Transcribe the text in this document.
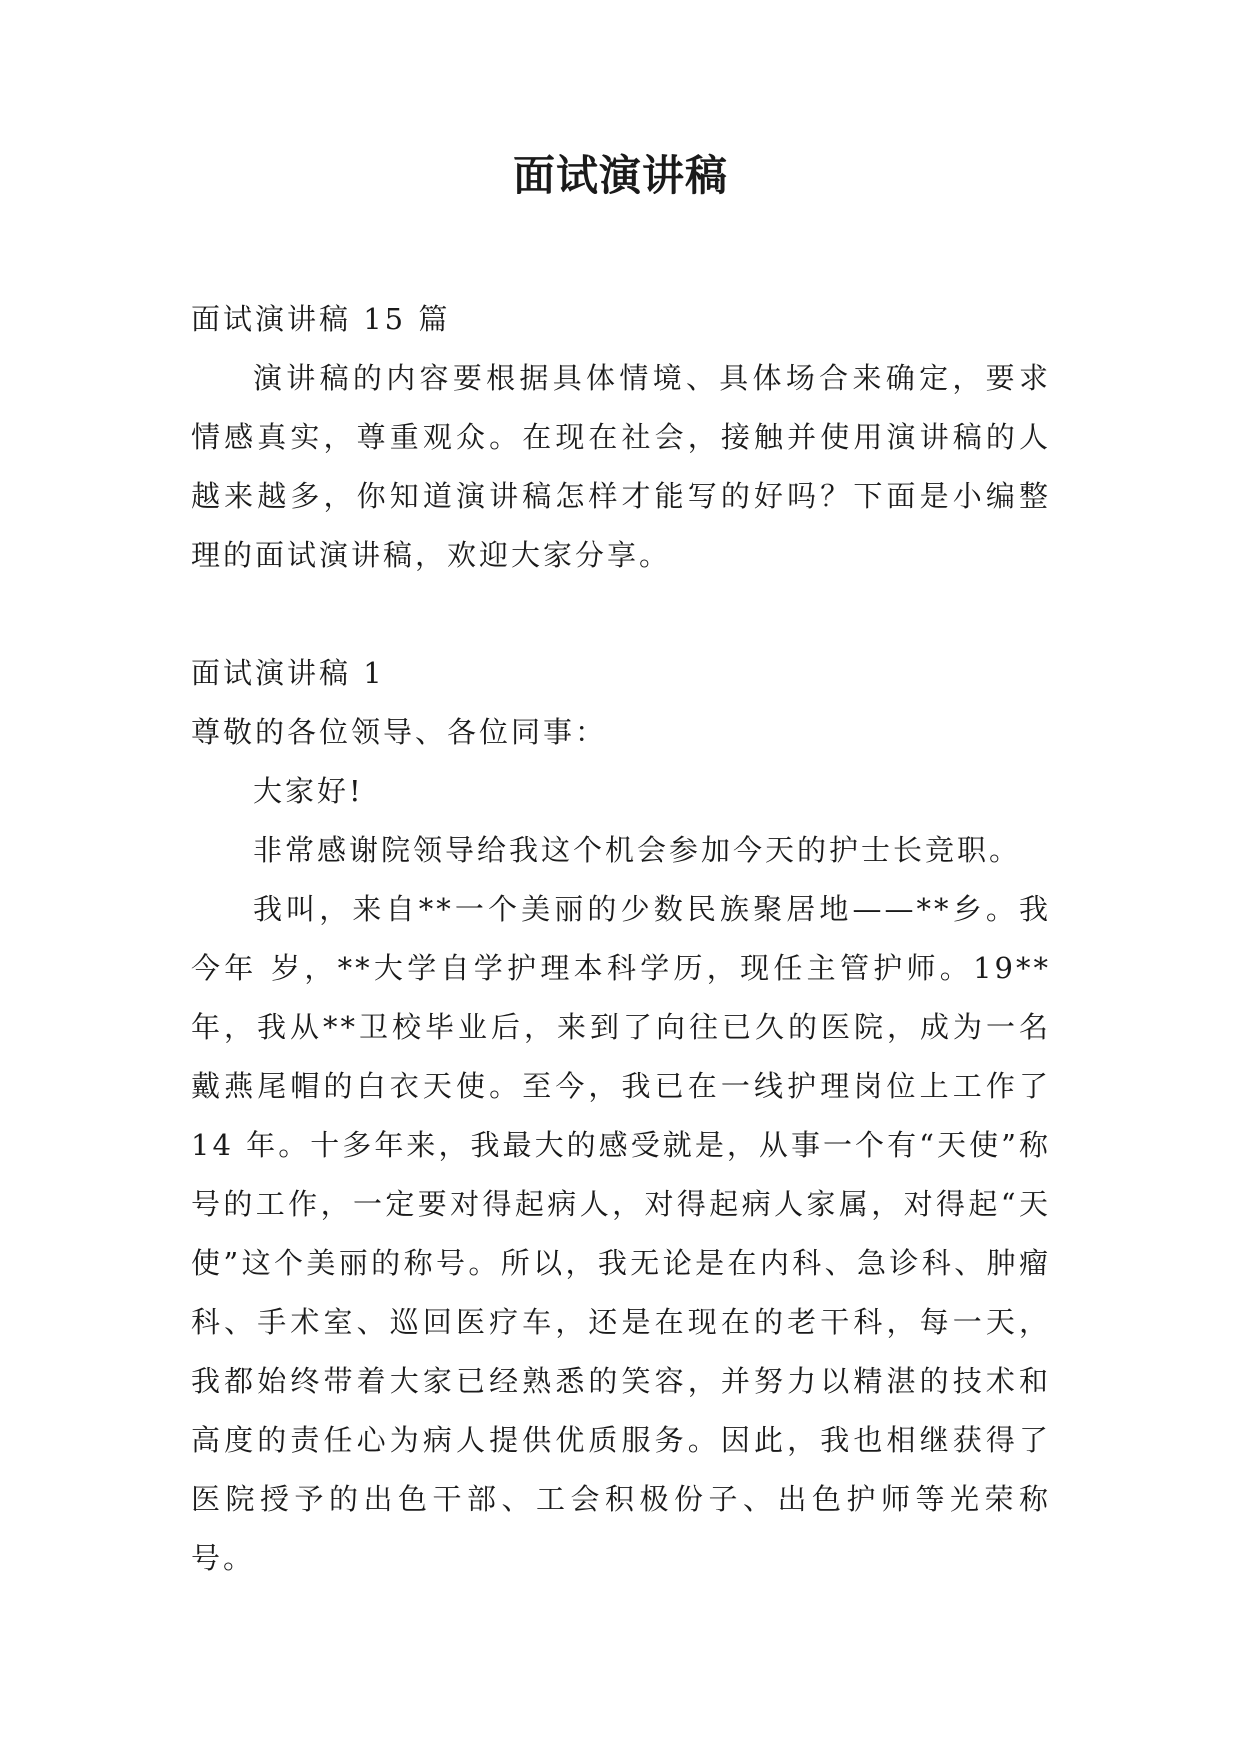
面试演讲稿

面试演讲稿 15 篇

演讲稿的内容要根据具体情境、具体场合来确定，要求情感真实，尊重观众。在现在社会，接触并使用演讲稿的人越来越多，你知道演讲稿怎样才能写的好吗？下面是小编整理的面试演讲稿，欢迎大家分享。

面试演讲稿 1

尊敬的各位领导、各位同事：

大家好!

非常感谢院领导给我这个机会参加今天的护士长竞职。

我叫，来自**一个美丽的少数民族聚居地——**乡。我今年 岁，**大学自学护理本科学历，现任主管护师。19**年，我从**卫校毕业后，来到了向往已久的医院，成为一名戴燕尾帽的白衣天使。至今，我已在一线护理岗位上工作了 14 年。十多年来，我最大的感受就是，从事一个有“天使”称号的工作，一定要对得起病人，对得起病人家属，对得起“天使”这个美丽的称号。所以，我无论是在内科、急诊科、肿瘤科、手术室、巡回医疗车，还是在现在的老干科，每一天，我都始终带着大家已经熟悉的笑容，并努力以精湛的技术和高度的责任心为病人提供优质服务。因此，我也相继获得了医院授予的出色干部、工会积极份子、出色护师等光荣称号。
